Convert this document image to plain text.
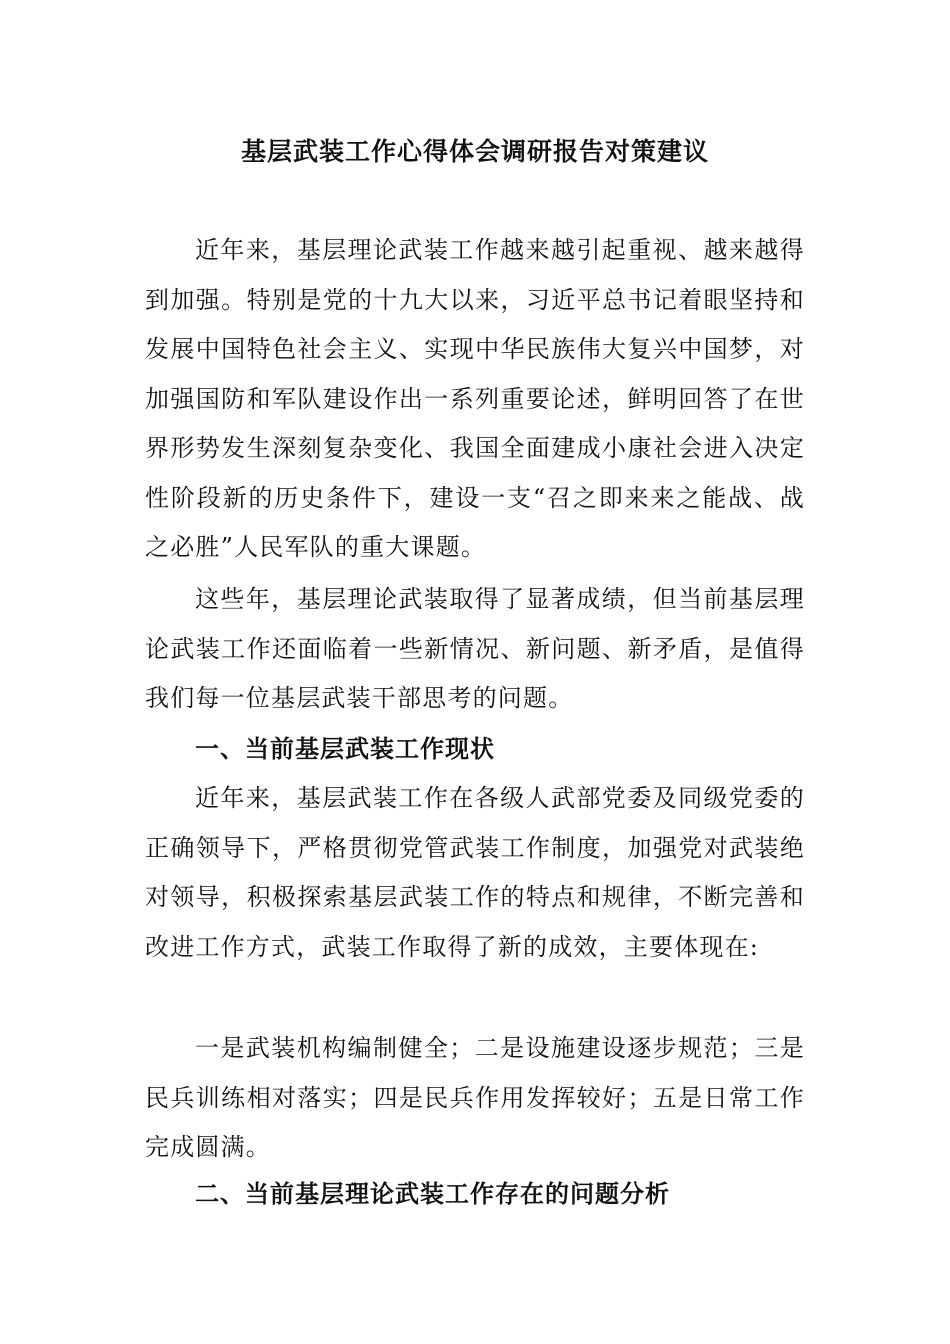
基层武装工作心得体会调研报告对策建议

近年来，基层理论武装工作越来越引起重视、越来越得到加强。特别是党的十九大以来，习近平总书记着眼坚持和发展中国特色社会主义、实现中华民族伟大复兴中国梦，对加强国防和军队建设作出一系列重要论述，鲜明回答了在世界形势发生深刻复杂变化、我国全面建成小康社会进入决定性阶段新的历史条件下，建设一支“召之即来来之能战、战之必胜”人民军队的重大课题。

这些年，基层理论武装取得了显著成绩，但当前基层理论武装工作还面临着一些新情况、新问题、新矛盾，是值得我们每一位基层武装干部思考的问题。

一、当前基层武装工作现状

近年来，基层武装工作在各级人武部党委及同级党委的正确领导下，严格贯彻党管武装工作制度，加强党对武装绝对领导，积极探索基层武装工作的特点和规律，不断完善和改进工作方式，武装工作取得了新的成效，主要体现在:

一是武装机构编制健全；二是设施建设逐步规范；三是民兵训练相对落实；四是民兵作用发挥较好；五是日常工作完成圆满。

二、当前基层理论武装工作存在的问题分析
